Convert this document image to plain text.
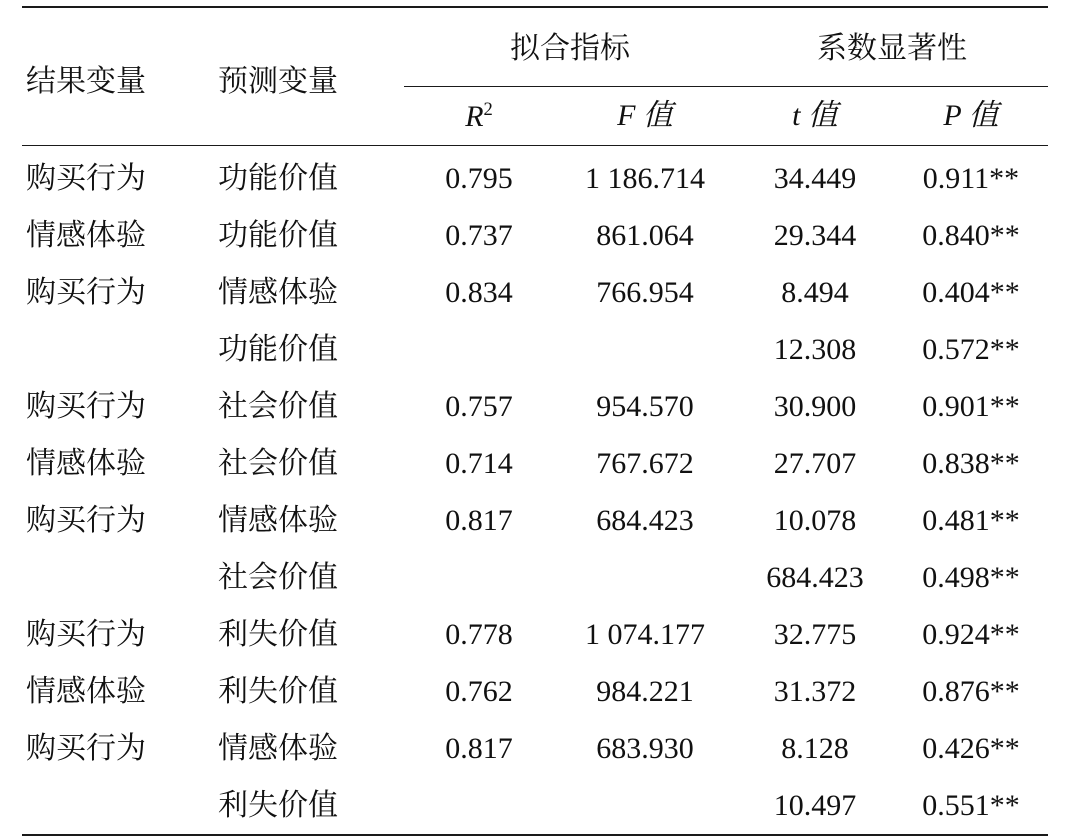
结果变量	预测变量	拟合指标		系数显著性	

		$R^2$	F 值	t 值	P 值
购买行为	功能价值	0.795	1 186.714	34.449	0.911**
情感体验	功能价值	0.737	861.064	29.344	0.840**
购买行为	情感体验	0.834	766.954	8.494	0.404**
	功能价值			12.308	0.572**
购买行为	社会价值	0.757	954.570	30.900	0.901**
情感体验	社会价值	0.714	767.672	27.707	0.838**
购买行为	情感体验	0.817	684.423	10.078	0.481**
	社会价值			684.423	0.498**
购买行为	利失价值	0.778	1 074.177	32.775	0.924**
情感体验	利失价值	0.762	984.221	31.372	0.876**
购买行为	情感体验	0.817	683.930	8.128	0.426**
	利失价值			10.497	0.551**
